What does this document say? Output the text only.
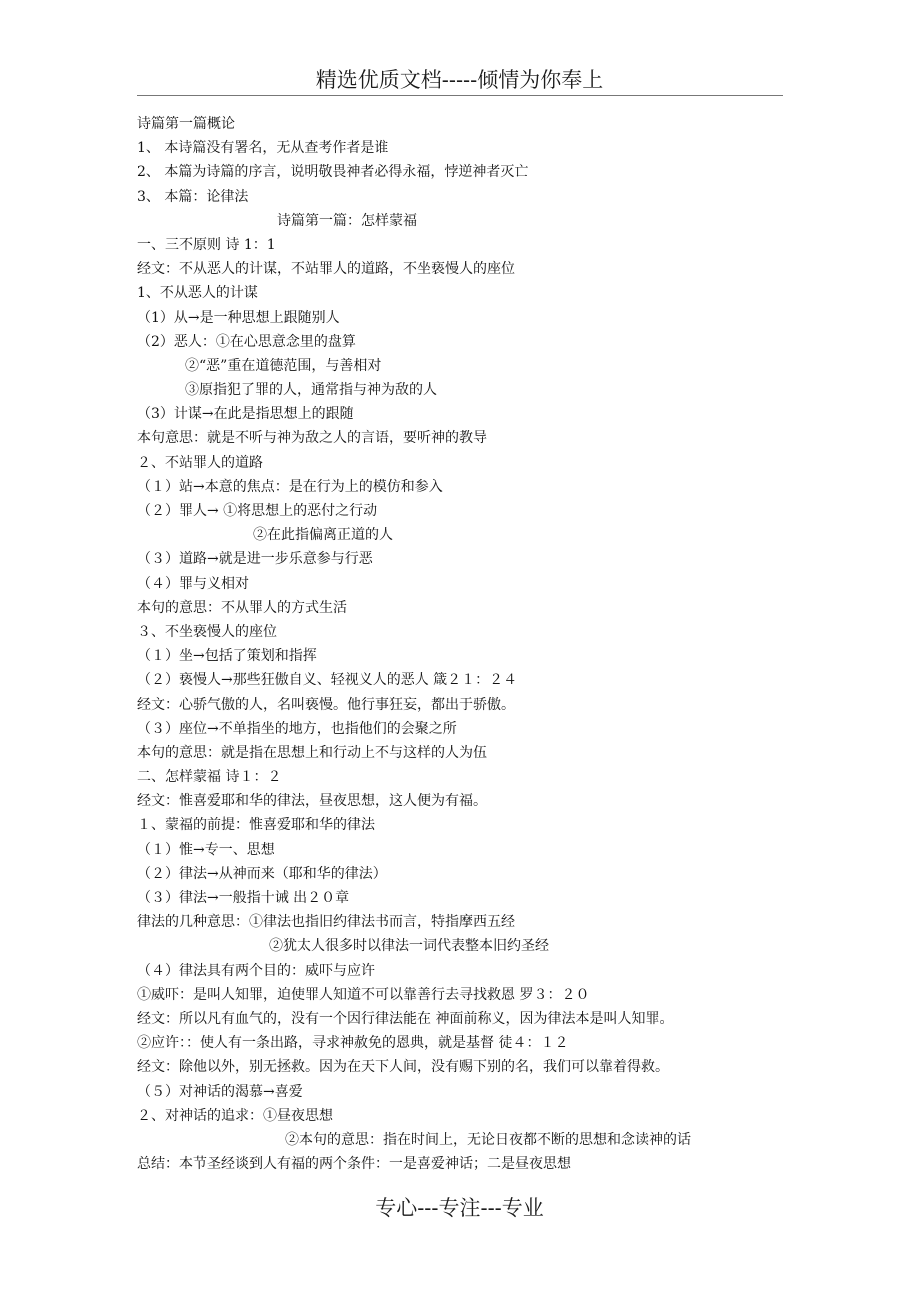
精选优质文档-----倾情为你奉上
诗篇第一篇概论
1、 本诗篇没有署名，无从查考作者是谁
2、 本篇为诗篇的序言，说明敬畏神者必得永福，悖逆神者灭亡
3、 本篇：论律法
诗篇第一篇：怎样蒙福
一、三不原则 诗 1：1
经文：不从恶人的计谋，不站罪人的道路，不坐亵慢人的座位
1、不从恶人的计谋
（1）从→是一种思想上跟随别人
（2）恶人：①在心思意念里的盘算
②“恶”重在道德范围，与善相对
③原指犯了罪的人，通常指与神为敌的人
（3）计谋→在此是指思想上的跟随
本句意思：就是不听与神为敌之人的言语，要听神的教导
２、不站罪人的道路
（１）站→本意的焦点：是在行为上的模仿和参入
（２）罪人→ ①将思想上的恶付之行动
②在此指偏离正道的人
（３）道路→就是进一步乐意参与行恶
（４）罪与义相对
本句的意思：不从罪人的方式生活
３、不坐亵慢人的座位
（１）坐→包括了策划和指挥
（２）亵慢人→那些狂傲自义、轻视义人的恶人 箴２１：２４
经文：心骄气傲的人，名叫亵慢。他行事狂妄，都出于骄傲。
（３）座位→不单指坐的地方，也指他们的会聚之所
本句的意思：就是指在思想上和行动上不与这样的人为伍
二、怎样蒙福 诗１：２
经文：惟喜爱耶和华的律法，昼夜思想，这人便为有福。
１、蒙福的前提：惟喜爱耶和华的律法
（１）惟→专一、思想
（２）律法→从神而来（耶和华的律法）
（３）律法→一般指十诫 出２０章
律法的几种意思：①律法也指旧约律法书而言，特指摩西五经
②犹太人很多时以律法一词代表整本旧约圣经
（４）律法具有两个目的：威吓与应许
①威吓：是叫人知罪，迫使罪人知道不可以靠善行去寻找救恩 罗３：２０
经文：所以凡有血气的，没有一个因行律法能在 神面前称义，因为律法本是叫人知罪。
②应许：：使人有一条出路，寻求神赦免的恩典，就是基督 徒４：１２
经文：除他以外，别无拯救。因为在天下人间，没有赐下别的名，我们可以靠着得救。
（５）对神话的渴慕→喜爱
２、对神话的追求：①昼夜思想
②本句的意思：指在时间上，无论日夜都不断的思想和念读神的话
总结：本节圣经谈到人有福的两个条件：一是喜爱神话；二是昼夜思想
专心---专注---专业
